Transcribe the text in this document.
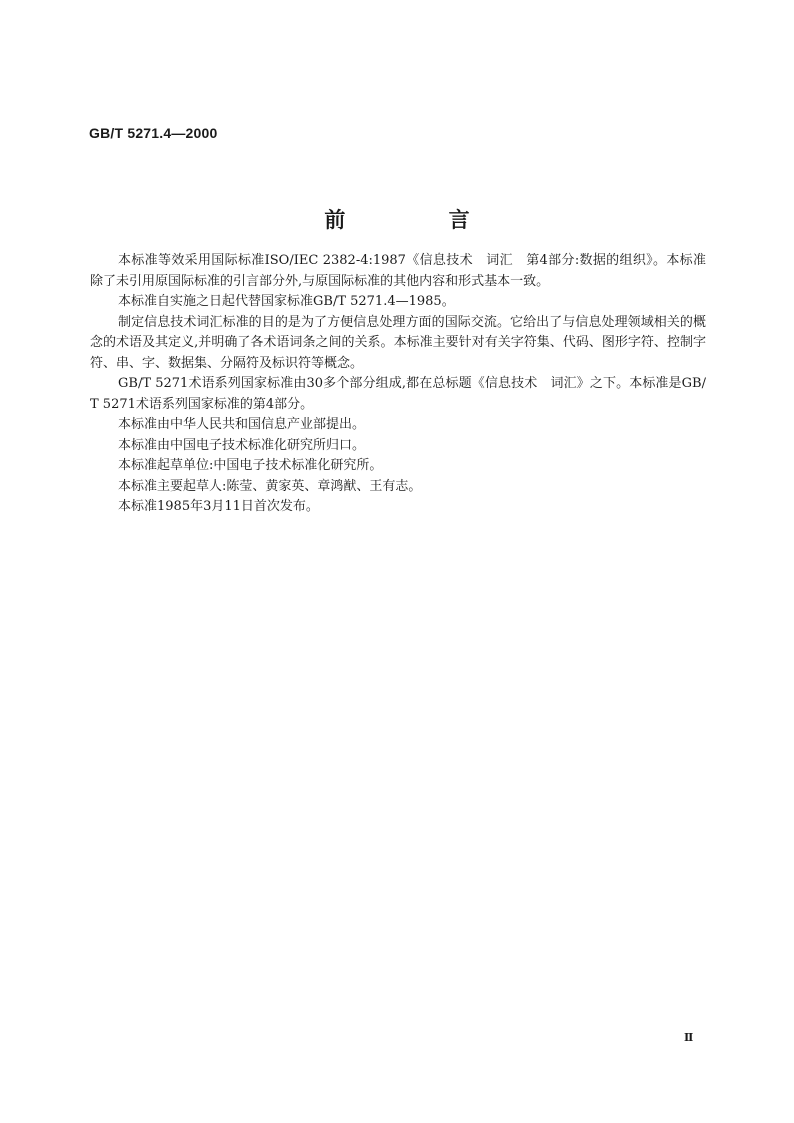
GB/T 5271.4—2000
前 言

本标准等效采用国际标准ISO/IEC 2382-4:1987《信息技术　词汇　第4部分:数据的组织》。本标准除了未引用原国际标准的引言部分外,与原国际标准的其他内容和形式基本一致。

本标准自实施之日起代替国家标准GB/T 5271.4—1985。

制定信息技术词汇标准的目的是为了方便信息处理方面的国际交流。它给出了与信息处理领域相关的概念的术语及其定义,并明确了各术语词条之间的关系。本标准主要针对有关字符集、代码、图形字符、控制字符、串、字、数据集、分隔符及标识符等概念。

GB/T 5271术语系列国家标准由30多个部分组成,都在总标题《信息技术　词汇》之下。本标准是GB/T 5271术语系列国家标准的第4部分。

本标准由中华人民共和国信息产业部提出。

本标准由中国电子技术标准化研究所归口。

本标准起草单位:中国电子技术标准化研究所。

本标准主要起草人:陈莹、黄家英、章鸿猷、王有志。

本标准1985年3月11日首次发布。

Ⅱ
